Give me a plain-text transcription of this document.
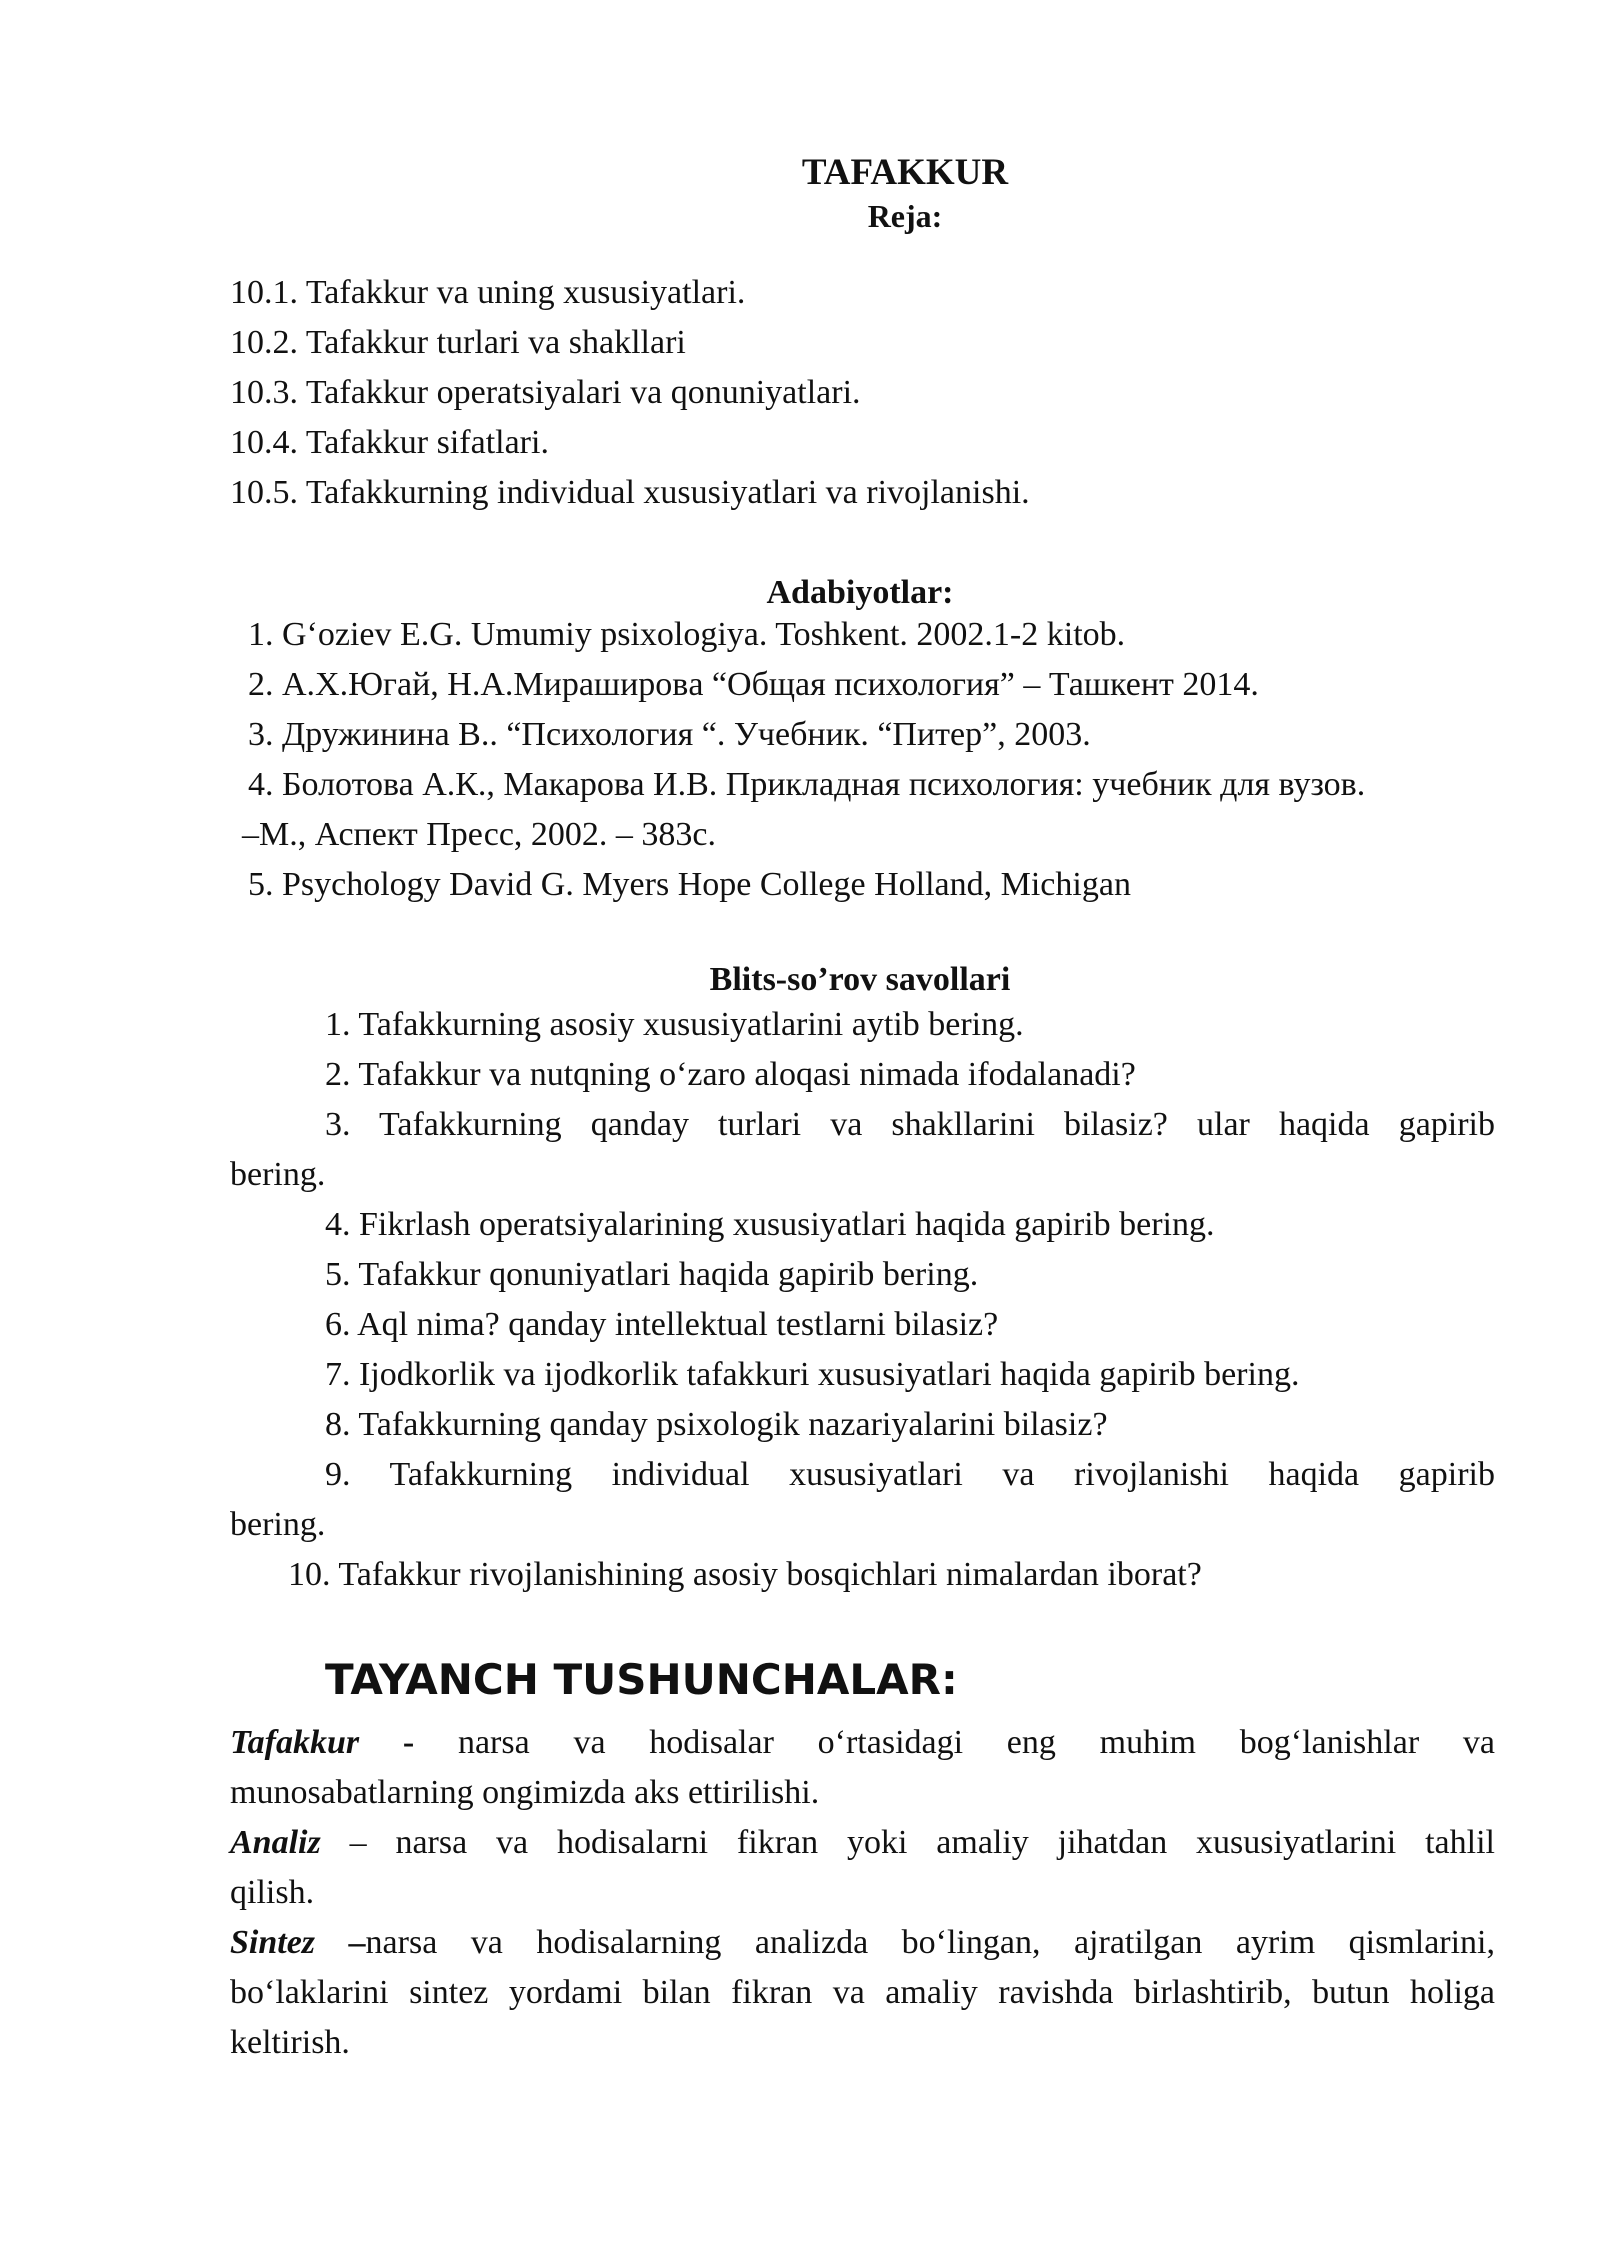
TAFAKKUR
Reja:
10.1. Tafakkur va uning xususiyatlari.
10.2. Tafakkur turlari va shakllari
10.3. Tafakkur operatsiyalari va qonuniyatlari.
10.4. Tafakkur sifatlari.
10.5. Tafakkurning individual xususiyatlari va rivojlanishi.
Adabiyotlar:
1. G‘oziev E.G. Umumiy psixologiya. Toshkent. 2002.1-2 kitob.
2. А.Х.Югай, Н.А.Мирашировa “Общая психология” – Ташкент 2014.
3. Дружинина В.. “Психология “. Учебник. “Питер”, 2003.
4. Болотова А.К., Макарова И.В. Прикладная психология: учебник для вузов.
–М., Аспект Пресс, 2002. – 383с.
5. Psychology David G. Myers Hope College Holland, Michigan
Blits-so’rov savollari
1. Tafakkurning asosiy xususiyatlarini aytib bering.
2. Tafakkur va nutqning o‘zaro aloqasi nimada ifodalanadi?
3. Tafakkurning qanday turlari va shakllarini bilasiz? ular haqida gapirib
bering.
4. Fikrlash operatsiyalarining xususiyatlari haqida gapirib bering.
5. Tafakkur qonuniyatlari haqida gapirib bering.
6. Aql nima? qanday intellektual testlarni bilasiz?
7. Ijodkorlik va ijodkorlik tafakkuri xususiyatlari haqida gapirib bering.
8. Tafakkurning qanday psixologik nazariyalarini bilasiz?
9. Tafakkurning individual xususiyatlari va rivojlanishi haqida gapirib
bering.
10. Tafakkur rivojlanishining asosiy bosqichlari nimalardan iborat?
TAYANCH TUSHUNCHALAR:
Tafakkur - narsa va hodisalar o‘rtasidagi eng muhim bog‘lanishlar va
munosabatlarning ongimizda aks ettirilishi.
Analiz – narsa va hodisalarni fikran yoki amaliy jihatdan xususiyatlarini tahlil
qilish.
Sintez –narsa va hodisalarning analizda bo‘lingan, ajratilgan ayrim qismlarini,
bo‘laklarini sintez yordami bilan fikran va amaliy ravishda birlashtirib, butun holiga
keltirish.
